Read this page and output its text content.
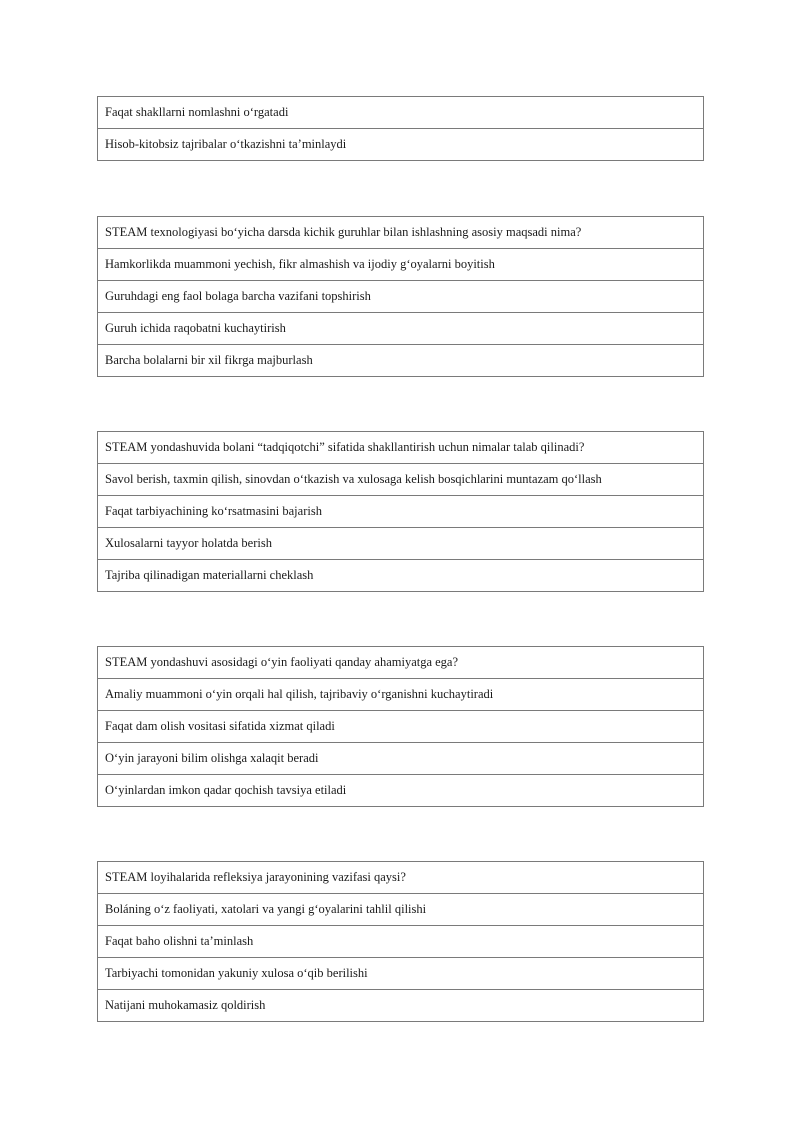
Faqat shakllarni nomlashni oʻrgatadi
Hisob-kitobsiz tajribalar oʻtkazishni taʼminlaydi
STEAM texnologiyasi boʻyicha darsda kichik guruhlar bilan ishlashning asosiy maqsadi nima?
Hamkorlikda muammoni yechish, fikr almashish va ijodiy gʻoyalarni boyitish
Guruhdagi eng faol bolaga barcha vazifani topshirish
Guruh ichida raqobatni kuchaytirish
Barcha bolalarni bir xil fikrga majburlash
STEAM yondashuvida bolani “tadqiqotchi” sifatida shakllantirish uchun nimalar talab qilinadi?
Savol berish, taxmin qilish, sinovdan oʻtkazish va xulosaga kelish bosqichlarini muntazam qoʻllash
Faqat tarbiyachining koʻrsatmasini bajarish
Xulosalarni tayyor holatda berish
Tajriba qilinadigan materiallarni cheklash
STEAM yondashuvi asosidagi oʻyin faoliyati qanday ahamiyatga ega?
Amaliy muammoni oʻyin orqali hal qilish, tajribaviy oʻrganishni kuchaytiradi
Faqat dam olish vositasi sifatida xizmat qiladi
Oʻyin jarayoni bilim olishga xalaqit beradi
Oʻyinlardan imkon qadar qochish tavsiya etiladi
STEAM loyihalarida refleksiya jarayonining vazifasi qaysi?
Boláning oʻz faoliyati, xatolari va yangi gʻoyalarini tahlil qilishi
Faqat baho olishni taʼminlash
Tarbiyachi tomonidan yakuniy xulosa oʻqib berilishi
Natijani muhokamasiz qoldirish
